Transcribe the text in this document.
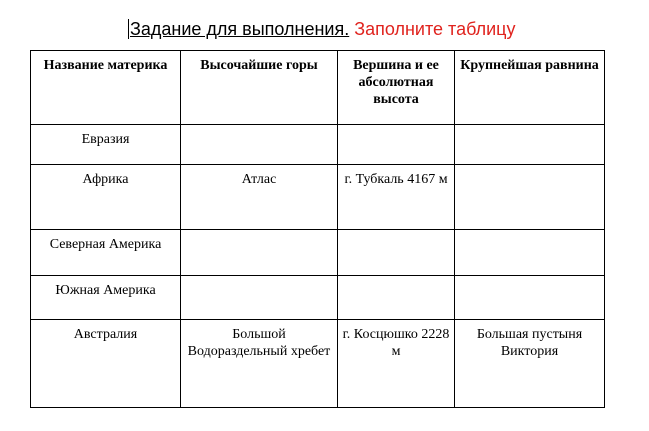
Задание для выполнения. Заполните таблицу
Название материка	Высочайшие горы	Вершина и ее абсолютная высота	Крупнейшая равнина
Евразия			
Африка	Атлас	г. Тубкаль 4167 м	
Северная Америка			
Южная Америка			
Австралия	Большой Водораздельный хребет	г. Косцюшко 2228 м	Большая пустыня Виктория
